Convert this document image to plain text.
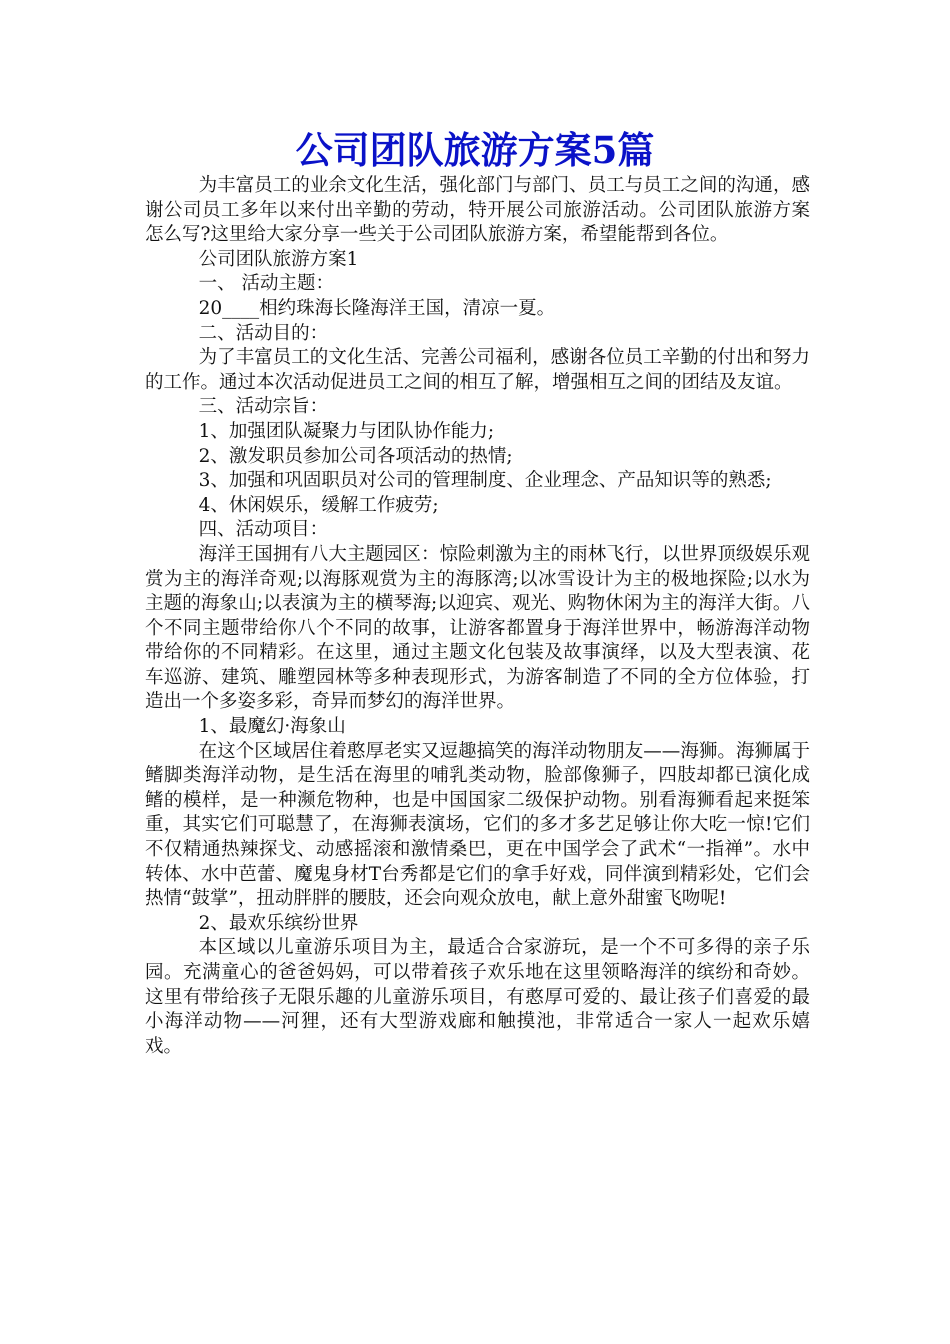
公司团队旅游方案5篇

为丰富员工的业余文化生活，强化部门与部门、员工与员工之间的沟通，感谢公司员工多年以来付出辛勤的劳动，特开展公司旅游活动。公司团队旅游方案怎么写?这里给大家分享一些关于公司团队旅游方案，希望能帮到各位。

公司团队旅游方案1

一、 活动主题：

20____相约珠海长隆海洋王国，清凉一夏。

二、活动目的：

为了丰富员工的文化生活、完善公司福利，感谢各位员工辛勤的付出和努力的工作。通过本次活动促进员工之间的相互了解，增强相互之间的团结及友谊。

三、活动宗旨：

1、加强团队凝聚力与团队协作能力;

2、激发职员参加公司各项活动的热情;

3、加强和巩固职员对公司的管理制度、企业理念、产品知识等的熟悉;

4、休闲娱乐，缓解工作疲劳;

四、活动项目：

海洋王国拥有八大主题园区：惊险刺激为主的雨林飞行，以世界顶级娱乐观赏为主的海洋奇观;以海豚观赏为主的海豚湾;以冰雪设计为主的极地探险;以水为主题的海象山;以表演为主的横琴海;以迎宾、观光、购物休闲为主的海洋大街。八个不同主题带给你八个不同的故事，让游客都置身于海洋世界中，畅游海洋动物带给你的不同精彩。在这里，通过主题文化包装及故事演绎，以及大型表演、花车巡游、建筑、雕塑园林等多种表现形式，为游客制造了不同的全方位体验，打造出一个多姿多彩，奇异而梦幻的海洋世界。

1、最魔幻·海象山

在这个区域居住着憨厚老实又逗趣搞笑的海洋动物朋友——海狮。海狮属于鳍脚类海洋动物，是生活在海里的哺乳类动物，脸部像狮子，四肢却都已演化成鳍的模样，是一种濒危物种，也是中国国家二级保护动物。别看海狮看起来挺笨重，其实它们可聪慧了，在海狮表演场，它们的多才多艺足够让你大吃一惊!它们不仅精通热辣探戈、动感摇滚和激情桑巴，更在中国学会了武术“一指禅”。水中转体、水中芭蕾、魔鬼身材T台秀都是它们的拿手好戏，同伴演到精彩处，它们会热情“鼓掌”，扭动胖胖的腰肢，还会向观众放电，献上意外甜蜜飞吻呢!

2、最欢乐缤纷世界

本区域以儿童游乐项目为主，最适合合家游玩，是一个不可多得的亲子乐园。充满童心的爸爸妈妈，可以带着孩子欢乐地在这里领略海洋的缤纷和奇妙。这里有带给孩子无限乐趣的儿童游乐项目，有憨厚可爱的、最让孩子们喜爱的最小海洋动物——河狸，还有大型游戏廊和触摸池，非常适合一家人一起欢乐嬉戏。
